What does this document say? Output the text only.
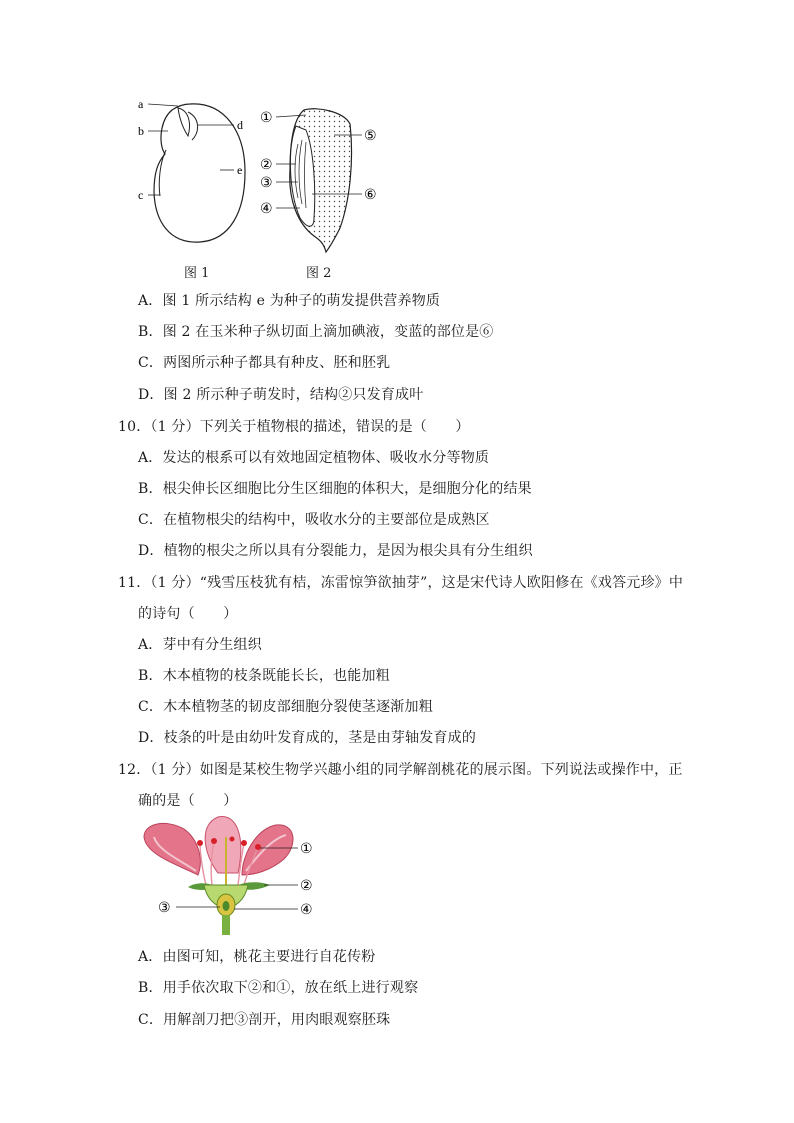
a
b
c
d
e
图 1
①
②
③
④
⑤
⑥
图 2
A．图 1 所示结构 e 为种子的萌发提供营养物质
B．图 2 在玉米种子纵切面上滴加碘液，变蓝的部位是⑥
C．两图所示种子都具有种皮、胚和胚乳
D．图 2 所示种子萌发时，结构②只发育成叶
10．（1 分）下列关于植物根的描述，错误的是（　　）
A．发达的根系可以有效地固定植物体、吸收水分等物质
B．根尖伸长区细胞比分生区细胞的体积大，是细胞分化的结果
C．在植物根尖的结构中，吸收水分的主要部位是成熟区
D．植物的根尖之所以具有分裂能力，是因为根尖具有分生组织
11．（1 分）“残雪压枝犹有桔，冻雷惊笋欲抽芽”，这是宋代诗人欧阳修在《戏答元珍》中
的诗句（　　）
A．芽中有分生组织
B．木本植物的枝条既能长长，也能加粗
C．木本植物茎的韧皮部细胞分裂使茎逐渐加粗
D．枝条的叶是由幼叶发育成的，茎是由芽轴发育成的
12．（1 分）如图是某校生物学兴趣小组的同学解剖桃花的展示图。下列说法或操作中，正
确的是（　　）
①
②
③	④
A．由图可知，桃花主要进行自花传粉
B．用手依次取下②和①，放在纸上进行观察
C．用解剖刀把③剖开，用肉眼观察胚珠
